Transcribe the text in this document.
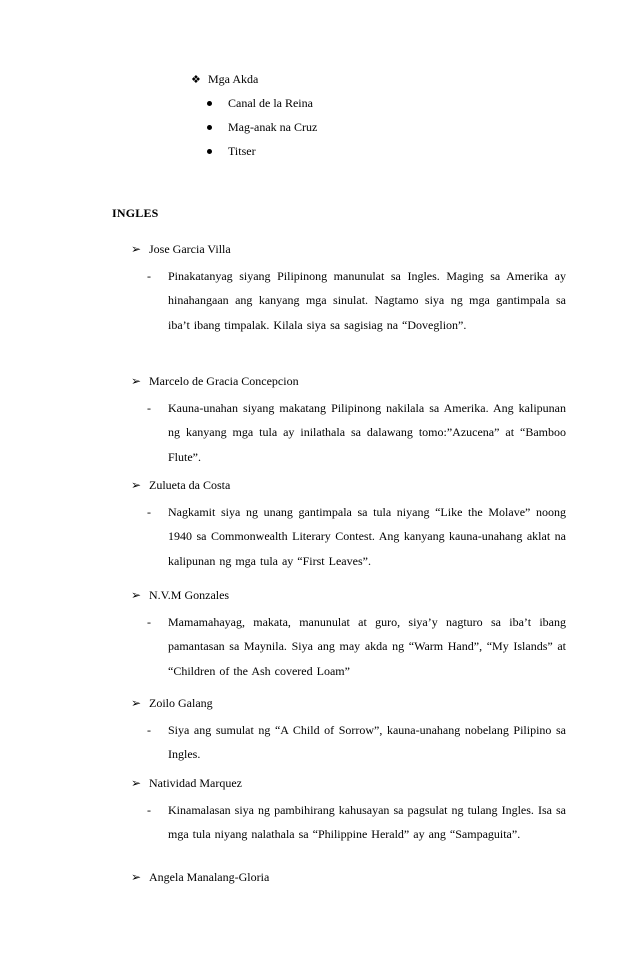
❖ Mga Akda
Canal de la Reina
Mag-anak na Cruz
Titser
INGLES
➢ Jose Garcia Villa
- Pinakatanyag siyang Pilipinong manunulat sa Ingles. Maging sa Amerika ay hinahangaan ang kanyang mga sinulat. Nagtamo siya ng mga gantimpala sa iba’t ibang timpalak. Kilala siya sa sagisiag na “Doveglion”.
➢ Marcelo de Gracia Concepcion
- Kauna-unahan siyang makatang Pilipinong nakilala sa Amerika. Ang kalipunan ng kanyang mga tula ay inilathala sa dalawang tomo:”Azucena” at “Bamboo Flute”.
➢ Zulueta da Costa
- Nagkamit siya ng unang gantimpala sa tula niyang “Like the Molave” noong 1940 sa Commonwealth Literary Contest. Ang kanyang kauna-unahang aklat na kalipunan ng mga tula ay “First Leaves”.
➢ N.V.M Gonzales
- Mamamahayag, makata, manunulat at guro, siya’y nagturo sa iba’t ibang pamantasan sa Maynila. Siya ang may akda ng “Warm Hand”, “My Islands” at “Children of the Ash covered Loam”
➢ Zoilo Galang
- Siya ang sumulat ng “A Child of Sorrow”, kauna-unahang nobelang Pilipino sa Ingles.
➢ Natividad Marquez
- Kinamalasan siya ng pambihirang kahusayan sa pagsulat ng tulang Ingles. Isa sa mga tula niyang nalathala sa “Philippine Herald” ay ang “Sampaguita”.
➢ Angela Manalang-Gloria
